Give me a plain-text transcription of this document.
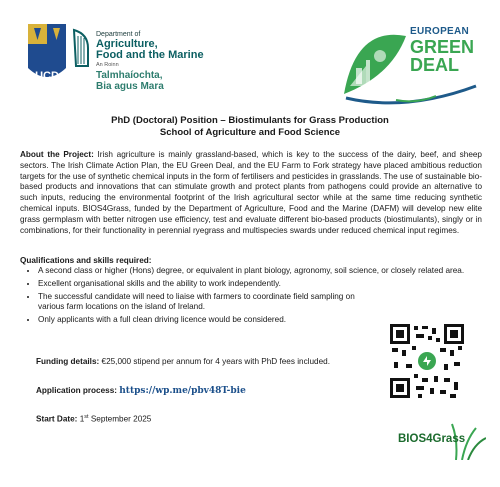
UCD
DUBLIN
Department of
Agriculture,
Food and the Marine
An Roinn
Talmhaíochta,
Bia agus Mara
EUROPEAN
GREEN
DEAL
PhD (Doctoral) Position – Biostimulants for Grass Production
School of Agriculture and Food Science
About the Project: Irish agriculture is mainly grassland-based, which is key to the success of the dairy, beef, and sheep sectors. The Irish Climate Action Plan, the EU Green Deal, and the EU Farm to Fork strategy have placed ambitious reduction targets for the use of synthetic chemical inputs in the form of fertilisers and pesticides in grasslands. The use of sustainable bio-based products and innovations that can stimulate growth and protect plants from pathogens could provide an alternative to such inputs, reducing the environmental footprint of the Irish agricultural sector while at the same time reducing synthetic chemical inputs. BIOS4Grass, funded by the Department of Agriculture, Food and the Marine (DAFM) will develop new elite grass germplasm with better nitrogen use efficiency, test and evaluate different bio-based products (biostimulants), singly or in combinations, for their functionality in perennial ryegrass and multispecies swards under reduced chemical input regimes.
Qualifications and skills required:
• A second class or higher (Hons) degree, or equivalent in plant biology, agronomy, soil science, or closely related area.
• Excellent organisational skills and the ability to work independently.
• The successful candidate will need to liaise with farmers to coordinate field sampling on various farm locations on the island of Ireland.
• Only applicants with a full clean driving licence would be considered.
Funding details: €25,000 stipend per annum for 4 years with PhD fees included.
Application process: https://wp.me/pbv48T-bie
Start Date: 1st September 2025
BIOS4Grass
